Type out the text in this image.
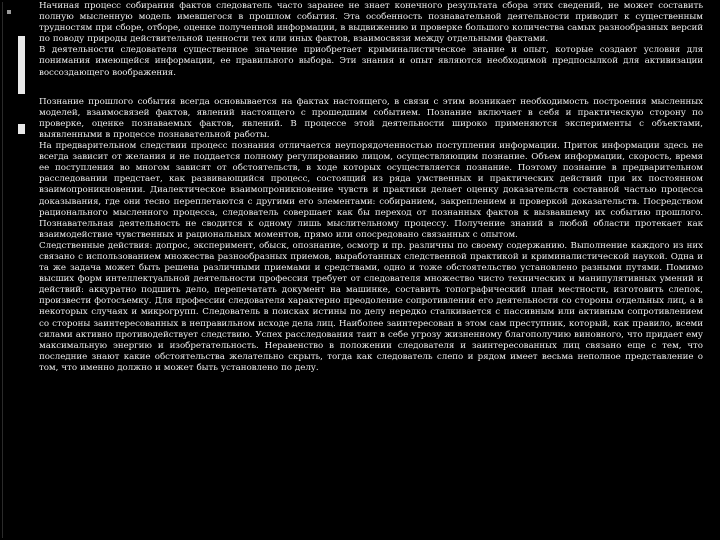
Начиная процесс собирания фактов следователь часто заранее не знает конечного результата сбора этих сведений, не может составить полную мысленную модель имевшегося в прошлом события. Эта особенность познавательной деятельности приводит к существенным трудностям при сборе, отборе, оценке полученной информации, в выдвижению и проверке большого количества самых разнообразных версий по поводу природы действительной ценности тех или иных фактов, взаимосвязи между отдельными фактами.

В деятельности следователя существенное значение приобретает криминалистическое знание и опыт, которые создают условия для понимания имеющейся информации, ее правильного выбора. Эти знания и опыт являются необходимой предпосылкой для активизации воссоздающего воображения.

Познание прошлого события всегда основывается на фактах настоящего, в связи с этим возникает необходимость построения мысленных моделей, взаимосвязей фактов, явлений настоящего с прошедшим событием. Познание включает в себя и практическую сторону по проверке, оценке познаваемых фактов, явлений. В процессе этой деятельности широко применяются эксперименты с объектами, выявленными в процессе познавательной работы.

На предварительном следствии процесс познания отличается неупорядоченностью поступления информации. Приток информации здесь не всегда зависит от желания и не поддается полному регулированию лицом, осуществляющим познание. Объем информации, скорость, время ее поступления во многом зависят от обстоятельств, в ходе которых осуществляется познание. Поэтому познание в предварительном расследовании предстает, как развивающийся процесс, состоящий из ряда умственных и практических действий при их постоянном взаимопроникновении. Диалектическое взаимопроникновение чувств и практики делает оценку доказательств составной частью процесса доказывания, где они тесно переплетаются с другими его элементами: собиранием, закреплением и проверкой доказательств. Посредством рационального мысленного процесса, следователь совершает как бы переход от познанных фактов к вызвавшему их событию прошлого. Познавательная деятельность не сводится к одному лишь мыслительному процессу. Получение знаний в любой области протекает как взаимодействие чувственных и рациональных моментов, прямо или опосредовано связанных с опытом.

Следственные действия: допрос, эксперимент, обыск, опознание, осмотр и пр. различны по своему содержанию. Выполнение каждого из них связано с использованием множества разнообразных приемов, выработанных следственной практикой и криминалистической наукой. Одна и та же задача может быть решена различными приемами и средствами, одно и тоже обстоятельство установлено разными путями. Помимо высших форм интеллектуальной деятельности профессия требует от следователя множество чисто технических и манипулятивных умений и действий: аккуратно подшить дело, перепечатать документ на машинке, составить топографический план местности, изготовить слепок, произвести фотосъемку. Для профессии следователя характерно преодоление сопротивления его деятельности со стороны отдельных лиц, а в некоторых случаях и микрогрупп. Следователь в поисках истины по делу нередко сталкивается с пассивным или активным сопротивлением со стороны заинтересованных в неправильном исходе дела лиц. Наиболее заинтересован в этом сам преступник, который, как правило, всеми силами активно противодействует следствию. Успех расследования таит в себе угрозу жизненному благополучию виновного, что придает ему максимальную энергию и изобретательность. Неравенство в положении следователя и заинтересованных лиц связано еще с тем, что последние знают какие обстоятельства желательно скрыть, тогда как следователь слепо и рядом имеет весьма неполное представление о том, что именно должно и может быть установлено по делу.
